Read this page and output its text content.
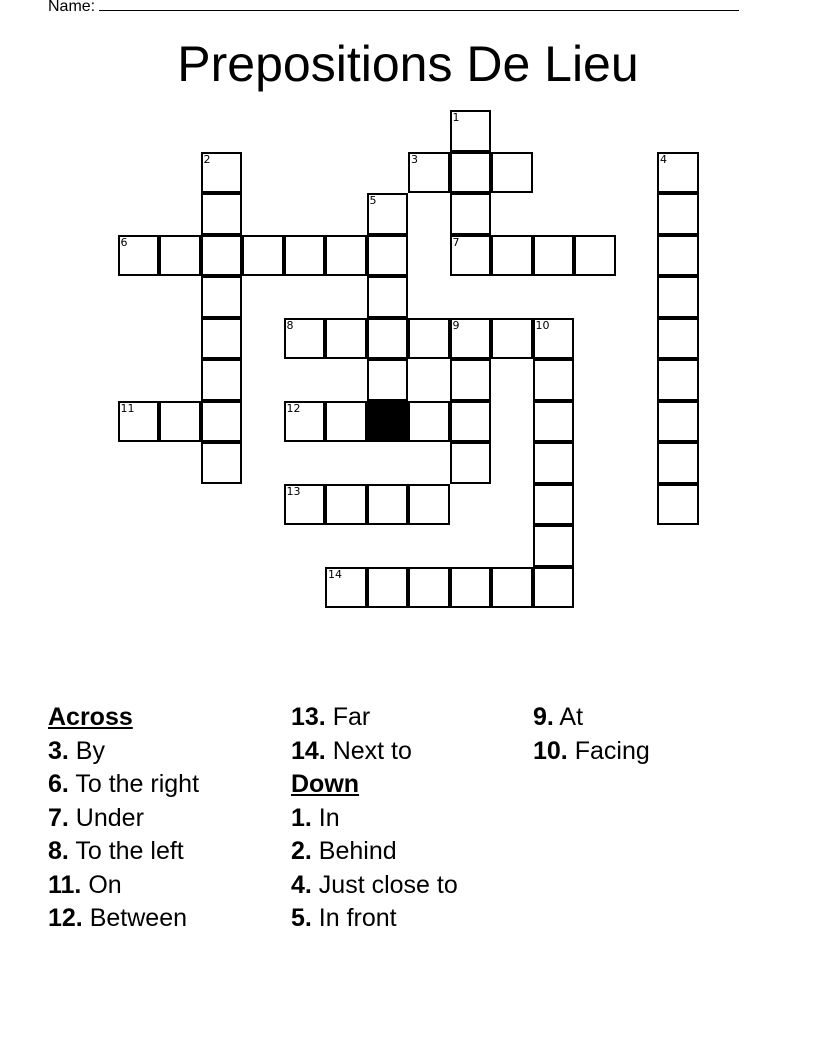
Name:
Prepositions De Lieu
1
7
2	3	4
5
6
8	9	10
11	12
13
14
Across
3. By
6. To the right
7. Under
8. To the left
11. On
12. Between
13. Far
14. Next to
Down
1. In
2. Behind
4. Just close to
5. In front
9. At
10. Facing
